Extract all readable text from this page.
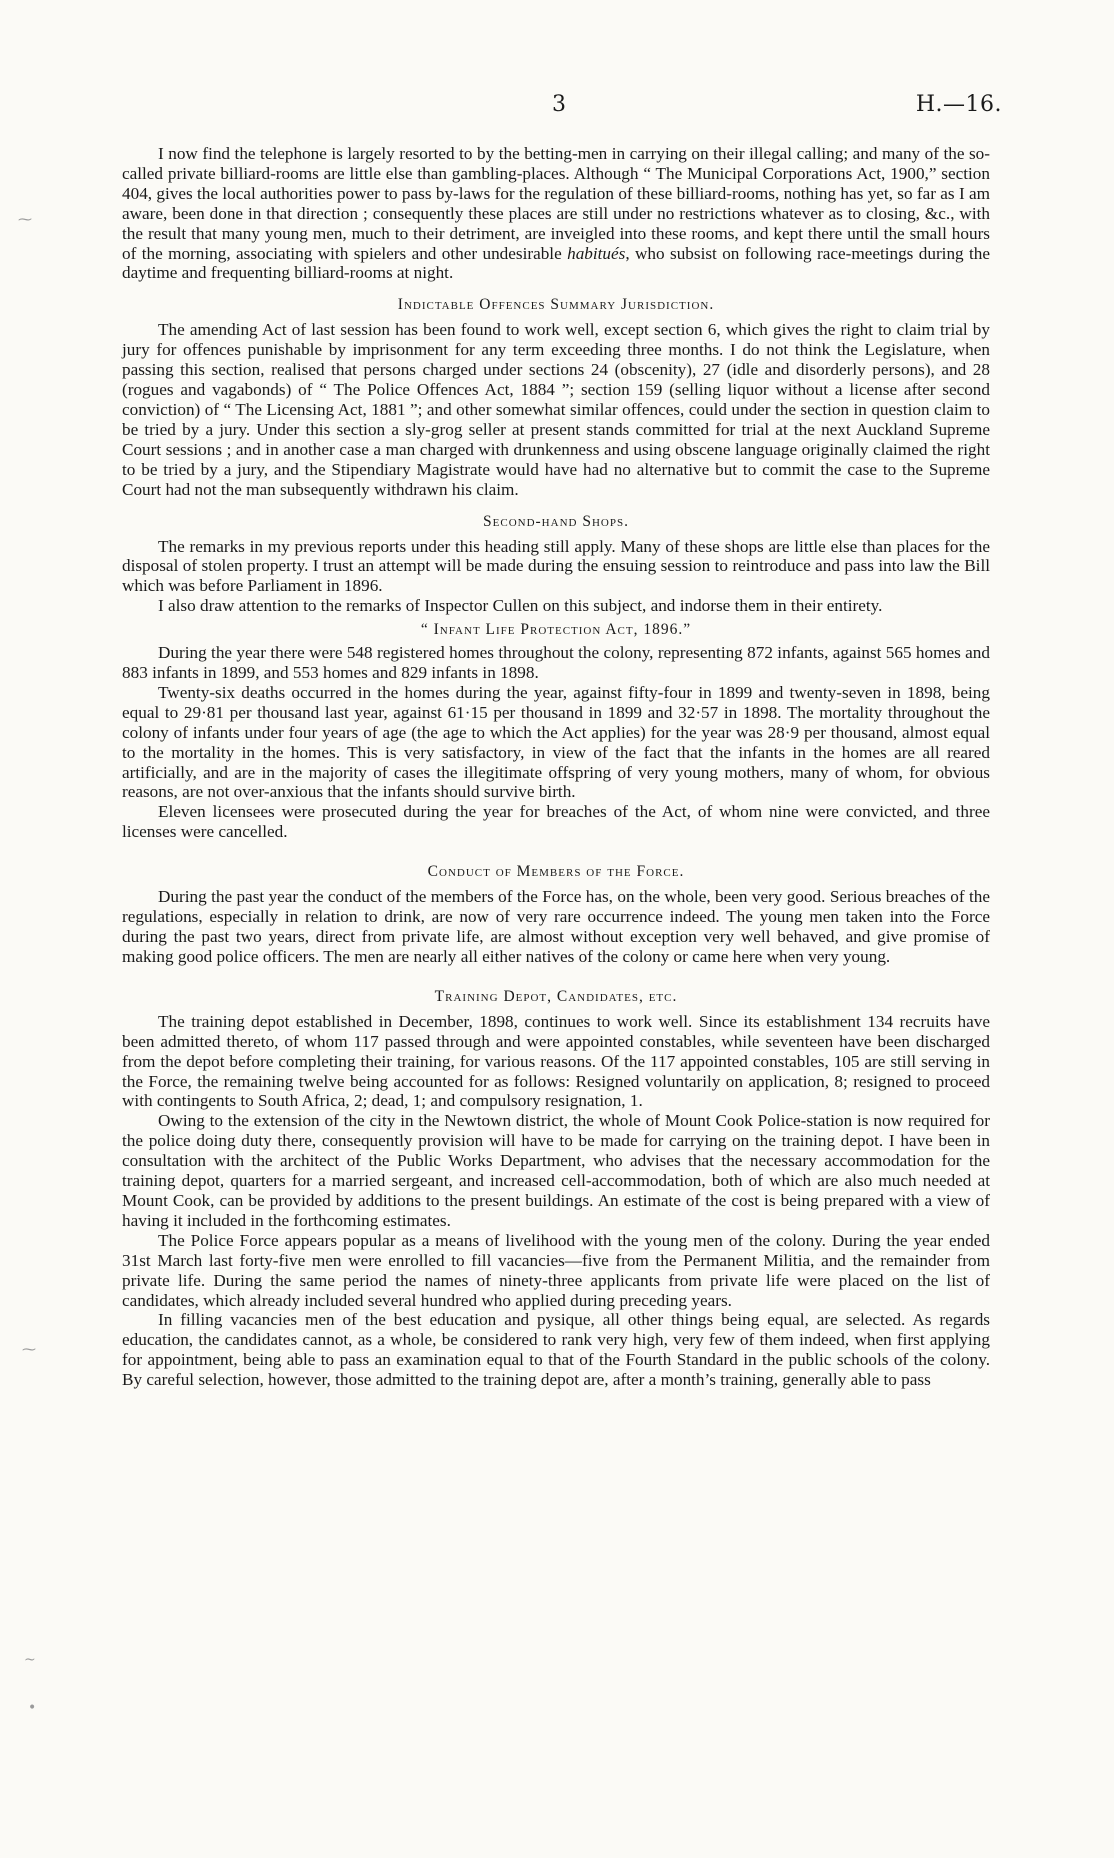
3	H.—16.
⁓
⁓
~
•

I now find the telephone is largely resorted to by the betting-men in carrying on their illegal calling; and many of the so-called private billiard-rooms are little else than gambling-places. Although “ The Municipal Corporations Act, 1900,” section 404, gives the local authorities power to pass by-laws for the regulation of these billiard-rooms, nothing has yet, so far as I am aware, been done in that direction ; consequently these places are still under no restrictions whatever as to closing, &c., with the result that many young men, much to their detriment, are inveigled into these rooms, and kept there until the small hours of the morning, associating with spielers and other undesirable habitués, who subsist on following race-meetings during the daytime and frequenting billiard-rooms at night.

Indictable Offences Summary Jurisdiction.

The amending Act of last session has been found to work well, except section 6, which gives the right to claim trial by jury for offences punishable by imprisonment for any term exceeding three months. I do not think the Legislature, when passing this section, realised that persons charged under sections 24 (obscenity), 27 (idle and disorderly persons), and 28 (rogues and vagabonds) of “ The Police Offences Act, 1884 ”; section 159 (selling liquor without a license after second conviction) of “ The Licensing Act, 1881 ”; and other somewhat similar offences, could under the section in question claim to be tried by a jury. Under this section a sly-grog seller at present stands committed for trial at the next Auckland Supreme Court sessions ; and in another case a man charged with drunkenness and using obscene language originally claimed the right to be tried by a jury, and the Stipendiary Magistrate would have had no alternative but to commit the case to the Supreme Court had not the man subsequently withdrawn his claim.

Second-hand Shops.

The remarks in my previous reports under this heading still apply. Many of these shops are little else than places for the disposal of stolen property. I trust an attempt will be made during the ensuing session to reintroduce and pass into law the Bill which was before Parliament in 1896.

I also draw attention to the remarks of Inspector Cullen on this subject, and indorse them in their entirety.

“ Infant Life Protection Act, 1896.”

During the year there were 548 registered homes throughout the colony, representing 872 infants, against 565 homes and 883 infants in 1899, and 553 homes and 829 infants in 1898.

Twenty-six deaths occurred in the homes during the year, against fifty-four in 1899 and twenty-seven in 1898, being equal to 29·81 per thousand last year, against 61·15 per thousand in 1899 and 32·57 in 1898. The mortality throughout the colony of infants under four years of age (the age to which the Act applies) for the year was 28·9 per thousand, almost equal to the mortality in the homes. This is very satisfactory, in view of the fact that the infants in the homes are all reared artificially, and are in the majority of cases the illegitimate offspring of very young mothers, many of whom, for obvious reasons, are not over-anxious that the infants should survive birth.

Eleven licensees were prosecuted during the year for breaches of the Act, of whom nine were convicted, and three licenses were cancelled.

Conduct of Members of the Force.

During the past year the conduct of the members of the Force has, on the whole, been very good. Serious breaches of the regulations, especially in relation to drink, are now of very rare occurrence indeed. The young men taken into the Force during the past two years, direct from private life, are almost without exception very well behaved, and give promise of making good police officers. The men are nearly all either natives of the colony or came here when very young.

Training Depot, Candidates, etc.

The training depot established in December, 1898, continues to work well. Since its establishment 134 recruits have been admitted thereto, of whom 117 passed through and were appointed constables, while seventeen have been discharged from the depot before completing their training, for various reasons. Of the 117 appointed constables, 105 are still serving in the Force, the remaining twelve being accounted for as follows: Resigned voluntarily on application, 8; resigned to proceed with contingents to South Africa, 2; dead, 1; and compulsory resignation, 1.

Owing to the extension of the city in the Newtown district, the whole of Mount Cook Police-station is now required for the police doing duty there, consequently provision will have to be made for carrying on the training depot. I have been in consultation with the architect of the Public Works Department, who advises that the necessary accommodation for the training depot, quarters for a married sergeant, and increased cell-accommodation, both of which are also much needed at Mount Cook, can be provided by additions to the present buildings. An estimate of the cost is being prepared with a view of having it included in the forthcoming estimates.

The Police Force appears popular as a means of livelihood with the young men of the colony. During the year ended 31st March last forty-five men were enrolled to fill vacancies—five from the Permanent Militia, and the remainder from private life. During the same period the names of ninety-three applicants from private life were placed on the list of candidates, which already included several hundred who applied during preceding years.

In filling vacancies men of the best education and pysique, all other things being equal, are selected. As regards education, the candidates cannot, as a whole, be considered to rank very high, very few of them indeed, when first applying for appointment, being able to pass an examination equal to that of the Fourth Standard in the public schools of the colony. By careful selection, however, those admitted to the training depot are, after a month’s training, generally able to pass
